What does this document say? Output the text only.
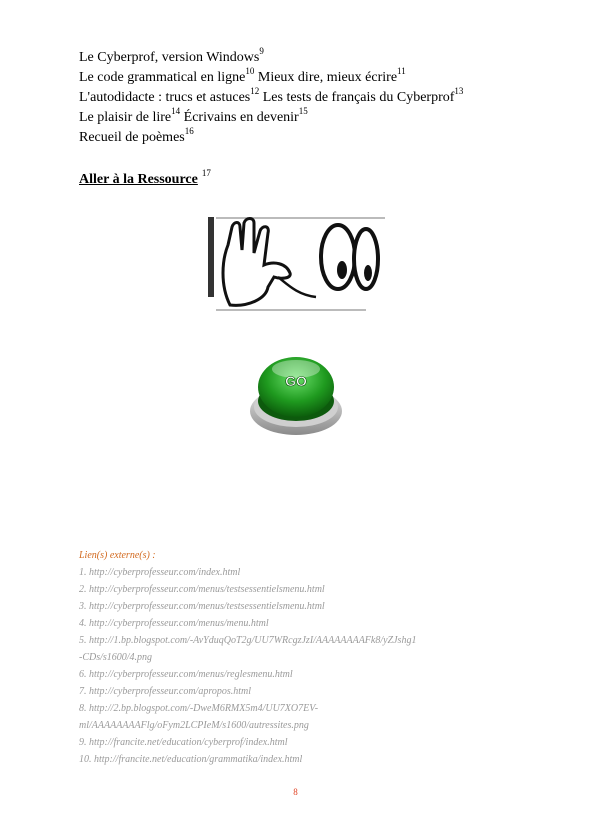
Le Cyberprof, version Windows$^9$
Le code grammatical en ligne$^{10}$ Mieux dire, mieux écrire$^{11}$
L'autodidacte : trucs et astuces$^{12}$ Les tests de français du Cyberprof$^{13}$
Le plaisir de lire$^{14}$ Écrivains en devenir$^{15}$
Recueil de poèmes$^{16}$
Aller à la Ressource $^{17}$
GO
Lien(s) externe(s) :
1. http://cyberprofesseur.com/index.html
2. http://cyberprofesseur.com/menus/testsessentielsmenu.html
3. http://cyberprofesseur.com/menus/testsessentielsmenu.html
4. http://cyberprofesseur.com/menus/menu.html
5. http://1.bp.blogspot.com/-AvYduqQoT2g/UU7WRcgzJzI/AAAAAAAAFk8/yZJshg1
-CDs/s1600/4.png
6. http://cyberprofesseur.com/menus/reglesmenu.html
7. http://cyberprofesseur.com/apropos.html
8. http://2.bp.blogspot.com/-DweM6RMX5m4/UU7XO7EV-
ml/AAAAAAAAFlg/oFym2LCPIeM/s1600/autressites.png
9. http://francite.net/education/cyberprof/index.html
10. http://francite.net/education/grammatika/index.html
8
